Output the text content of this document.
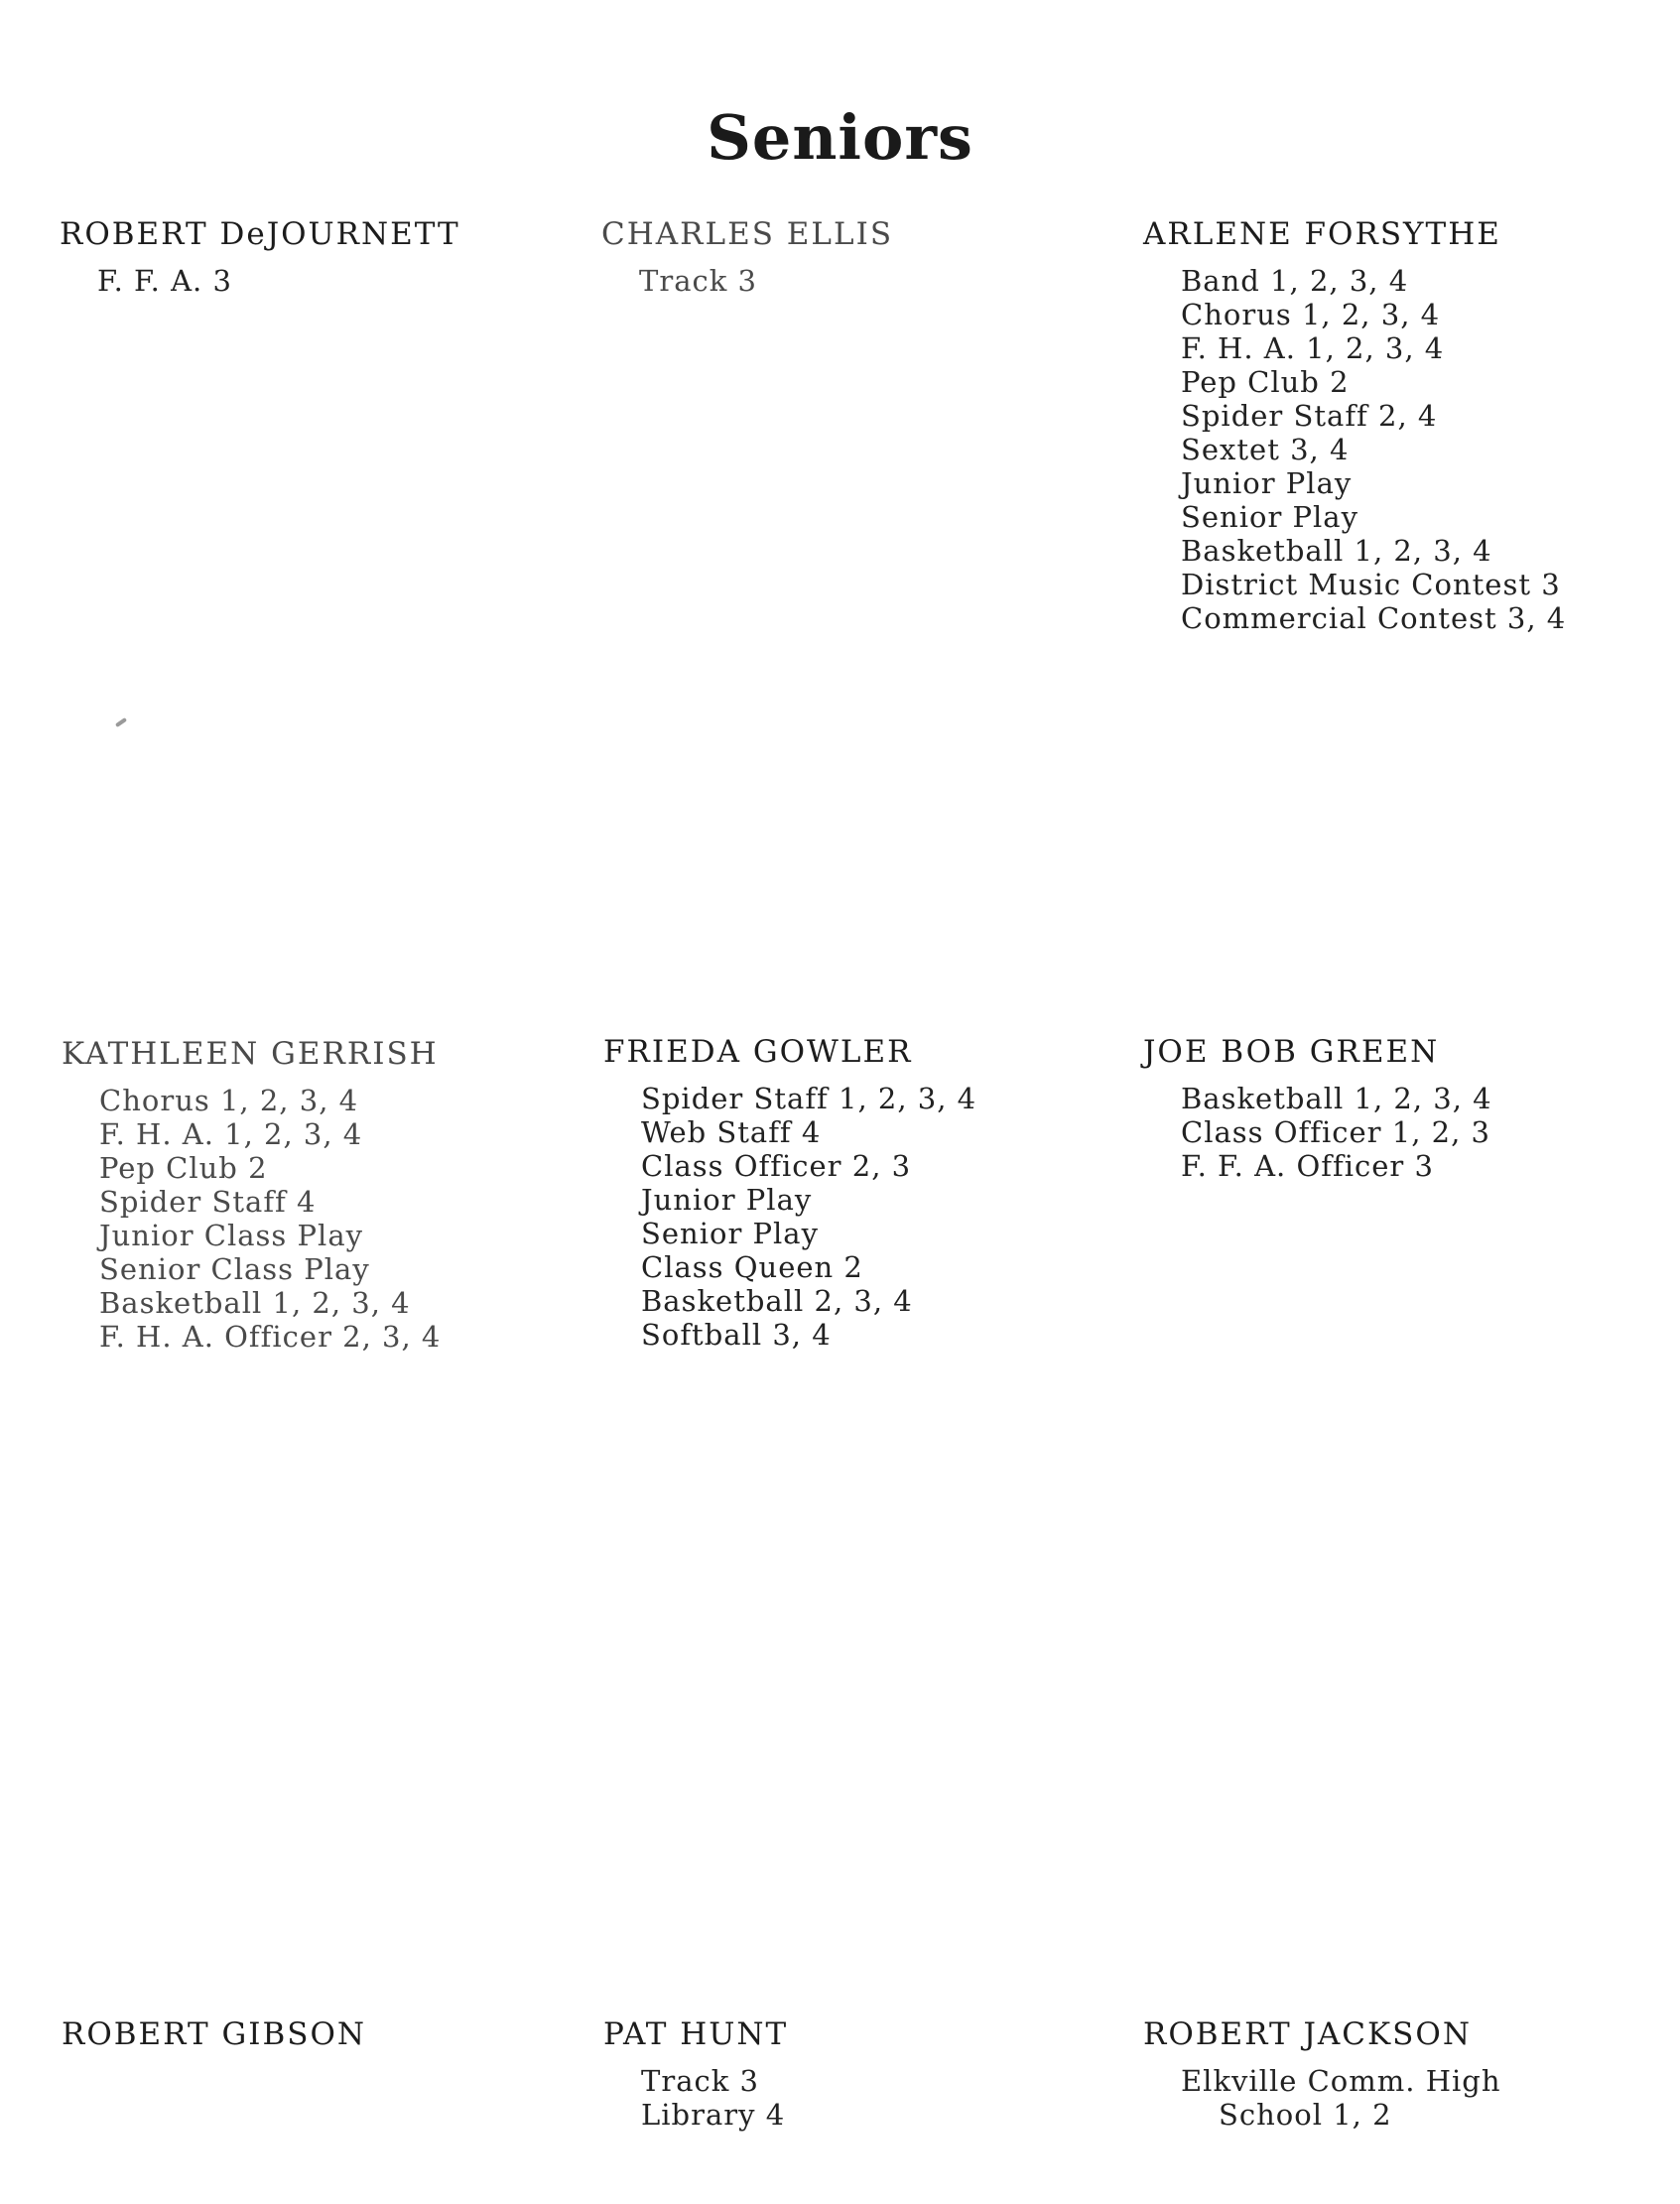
Seniors
ROBERT DeJOURNETT
F. F. A. 3
CHARLES ELLIS
Track 3
ARLENE FORSYTHE
Band 1, 2, 3, 4
Chorus 1, 2, 3, 4
F. H. A. 1, 2, 3, 4
Pep Club 2
Spider Staff 2, 4
Sextet 3, 4
Junior Play
Senior Play
Basketball 1, 2, 3, 4
District Music Contest 3
Commercial Contest 3, 4
KATHLEEN GERRISH
Chorus 1, 2, 3, 4
F. H. A. 1, 2, 3, 4
Pep Club 2
Spider Staff 4
Junior Class Play
Senior Class Play
Basketball 1, 2, 3, 4
F. H. A. Officer 2, 3, 4
FRIEDA GOWLER
Spider Staff 1, 2, 3, 4
Web Staff 4
Class Officer 2, 3
Junior Play
Senior Play
Class Queen 2
Basketball 2, 3, 4
Softball 3, 4
JOE BOB GREEN
Basketball 1, 2, 3, 4
Class Officer 1, 2, 3
F. F. A. Officer 3
ROBERT GIBSON	PAT HUNT
Track 3
Library 4
ROBERT JACKSON
Elkville Comm. High
School 1, 2
